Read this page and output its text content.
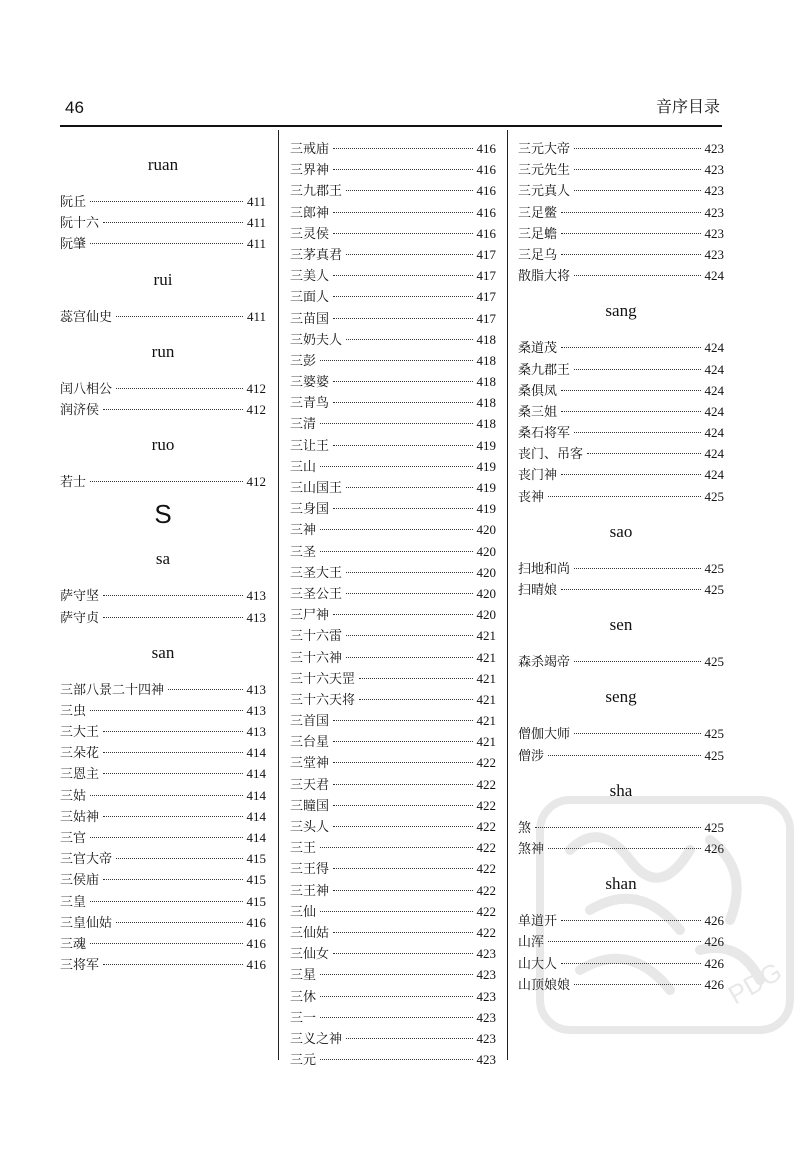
46	音序目录
ruan
阮丘	411
阮十六	411
阮肇	411
rui
蕊宫仙史	411
run
闰八相公	412
润济侯	412
ruo
若士	412
S
sa
萨守坚	413
萨守贞	413
san
三部八景二十四神	413
三虫	413
三大王	413
三朵花	414
三恩主	414
三姑	414
三姑神	414
三官	414
三官大帝	415
三侯庙	415
三皇	415
三皇仙姑	416
三魂	416
三将军	416
三戒庙	416
三界神	416
三九郡王	416
三郎神	416
三灵侯	416
三茅真君	417
三美人	417
三面人	417
三苗国	417
三奶夫人	418
三彭	418
三婆婆	418
三青鸟	418
三清	418
三让王	419
三山	419
三山国王	419
三身国	419
三神	420
三圣	420
三圣大王	420
三圣公王	420
三尸神	420
三十六雷	421
三十六神	421
三十六天罡	421
三十六天将	421
三首国	421
三台星	421
三堂神	422
三天君	422
三瞳国	422
三头人	422
三王	422
三王得	422
三王神	422
三仙	422
三仙姑	422
三仙女	423
三星	423
三休	423
三一	423
三义之神	423
三元	423
三元大帝	423
三元先生	423
三元真人	423
三足鳖	423
三足蟾	423
三足乌	423
散脂大将	424
sang
桑道茂	424
桑九郡王	424
桑俱凤	424
桑三姐	424
桑石将军	424
丧门、吊客	424
丧门神	424
丧神	425
sao
扫地和尚	425
扫晴娘	425
sen
森杀竭帝	425
seng
僧伽大师	425
僧涉	425
sha
煞	425
煞神	426
shan
单道开	426
山浑	426
山大人	426
山顶娘娘	426 PDG
